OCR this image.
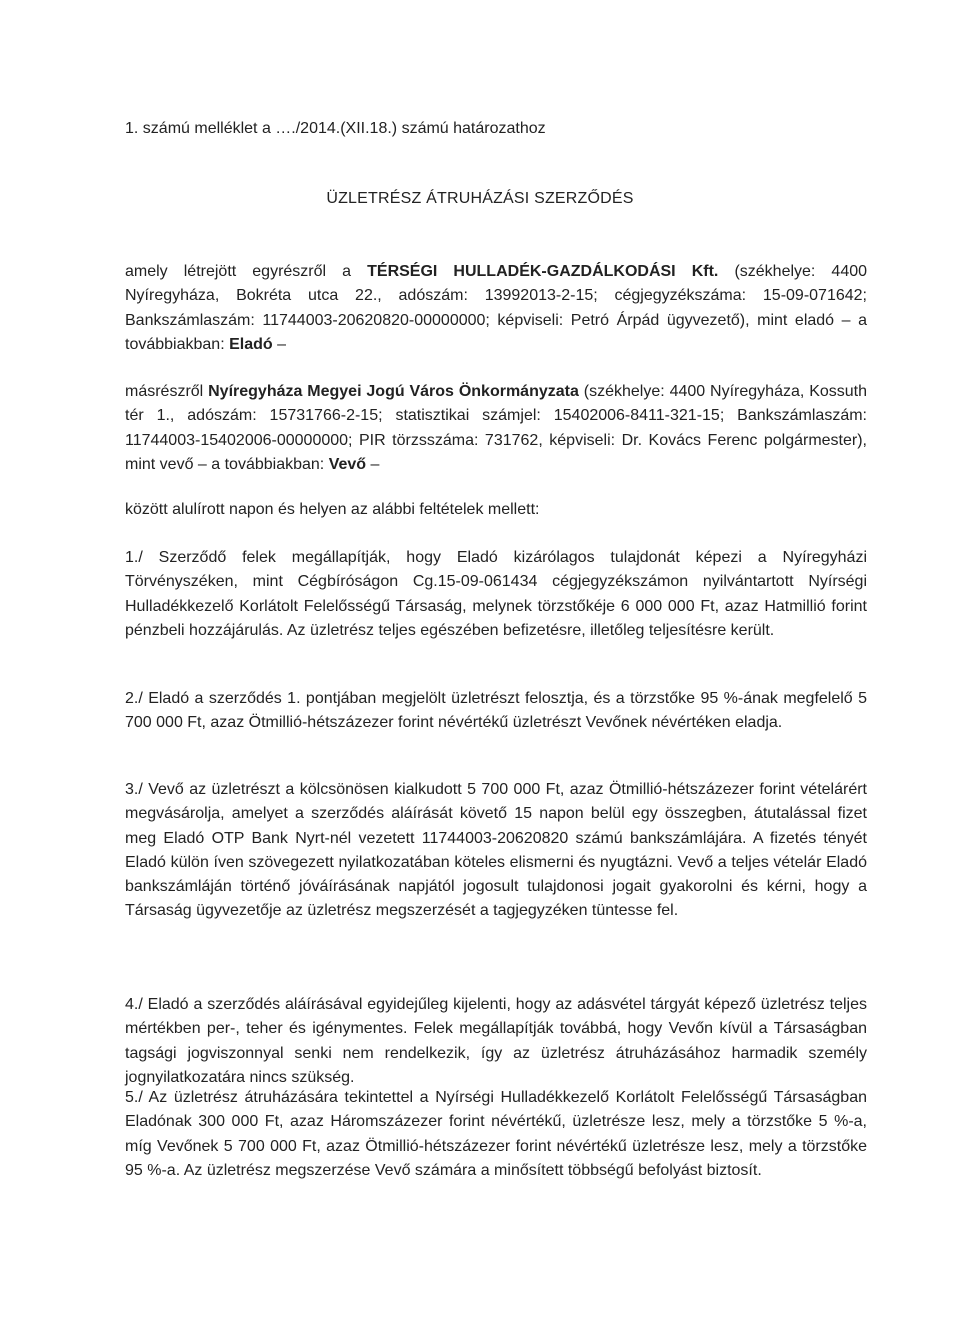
1. számú melléklet a …./2014.(XII.18.) számú határozathoz

ÜZLETRÉSZ ÁTRUHÁZÁSI SZERZŐDÉS

amely létrejött egyrészről a TÉRSÉGI HULLADÉK-GAZDÁLKODÁSI Kft. (székhelye: 4400 Nyíregyháza, Bokréta utca 22., adószám: 13992013-2-15; cégjegyzékszáma: 15-09-071642; Bankszámlaszám: 11744003-20620820-00000000; képviseli: Petró Árpád ügyvezető), mint eladó – a továbbiakban: Eladó –

másrészről Nyíregyháza Megyei Jogú Város Önkormányzata (székhelye: 4400 Nyíregyháza, Kossuth tér 1., adószám: 15731766-2-15; statisztikai számjel: 15402006-8411-321-15; Bankszámlaszám: 11744003-15402006-00000000; PIR törzsszáma: 731762, képviseli: Dr. Kovács Ferenc polgármester), mint vevő – a továbbiakban: Vevő –

között alulírott napon és helyen az alábbi feltételek mellett:

1./ Szerződő felek megállapítják, hogy Eladó kizárólagos tulajdonát képezi a Nyíregyházi Törvényszéken, mint Cégbíróságon Cg.15-09-061434 cégjegyzékszámon nyilvántartott Nyírségi Hulladékkezelő Korlátolt Felelősségű Társaság, melynek törzstőkéje 6 000 000 Ft, azaz Hatmillió forint pénzbeli hozzájárulás. Az üzletrész teljes egészében befizetésre, illetőleg teljesítésre került.

2./ Eladó a szerződés 1. pontjában megjelölt üzletrészt felosztja, és a törzstőke 95 %-ának megfelelő 5 700 000 Ft, azaz Ötmillió-hétszázezer forint névértékű üzletrészt Vevőnek névértéken eladja.

3./ Vevő az üzletrészt a kölcsönösen kialkudott 5 700 000 Ft, azaz Ötmillió-hétszázezer forint vételárért megvásárolja, amelyet a szerződés aláírását követő 15 napon belül egy összegben, átutalással fizet meg Eladó OTP Bank Nyrt-nél vezetett 11744003-20620820 számú bankszámlájára. A fizetés tényét Eladó külön íven szövegezett nyilatkozatában köteles elismerni és nyugtázni. Vevő a teljes vételár Eladó bankszámláján történő jóváírásának napjától jogosult tulajdonosi jogait gyakorolni és kérni, hogy a Társaság ügyvezetője az üzletrész megszerzését a tagjegyzéken tüntesse fel.

4./ Eladó a szerződés aláírásával egyidejűleg kijelenti, hogy az adásvétel tárgyát képező üzletrész teljes mértékben per-, teher és igénymentes. Felek megállapítják továbbá, hogy Vevőn kívül a Társaságban tagsági jogviszonnyal senki nem rendelkezik, így az üzletrész átruházásához harmadik személy jognyilatkozatára nincs szükség.

5./ Az üzletrész átruházására tekintettel a Nyírségi Hulladékkezelő Korlátolt Felelősségű Társaságban Eladónak 300 000 Ft, azaz Háromszázezer forint névértékű, üzletrésze lesz, mely a törzstőke 5 %-a, míg Vevőnek 5 700 000 Ft, azaz Ötmillió-hétszázezer forint névértékű üzletrésze lesz, mely a törzstőke 95 %-a. Az üzletrész megszerzése Vevő számára a minősített többségű befolyást biztosít.
